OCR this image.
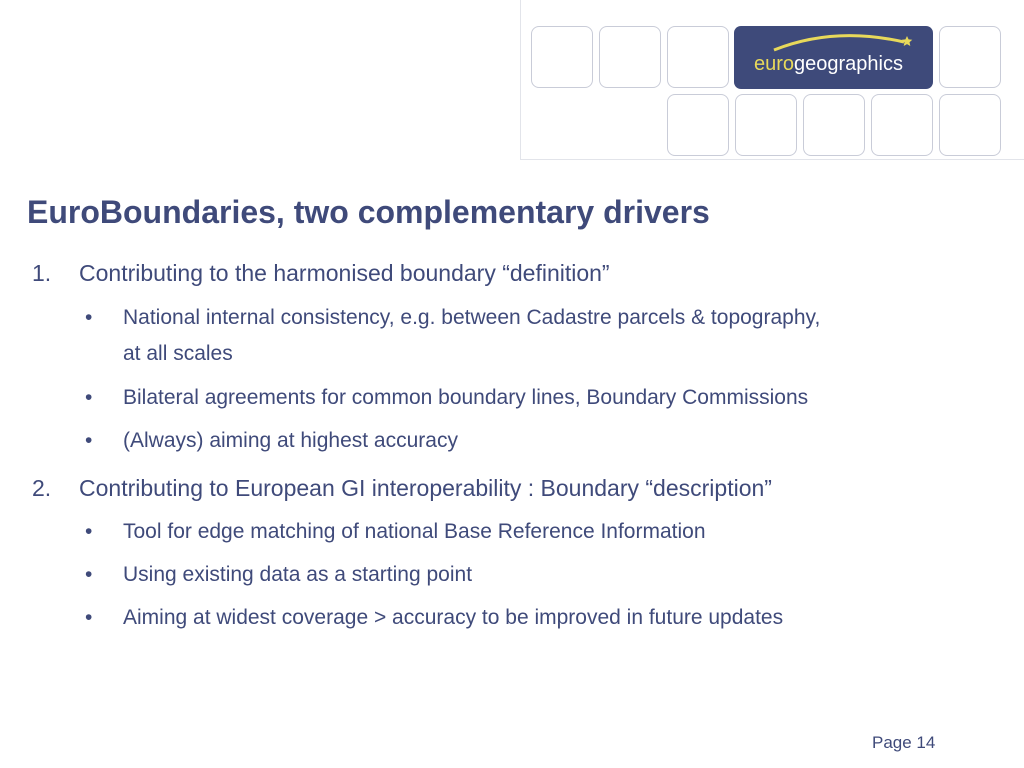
eurogeographics
EuroBoundaries, two complementary drivers
1. Contributing to the harmonised boundary “definition”
• National internal consistency, e.g. between Cadastre parcels & topography,
at all scales
• Bilateral agreements for common boundary lines, Boundary Commissions
• (Always) aiming at highest accuracy
2. Contributing to European GI interoperability : Boundary “description”
• Tool for edge matching of national Base Reference Information
• Using existing data as a starting point
• Aiming at widest coverage > accuracy to be improved in future updates
Page 14
